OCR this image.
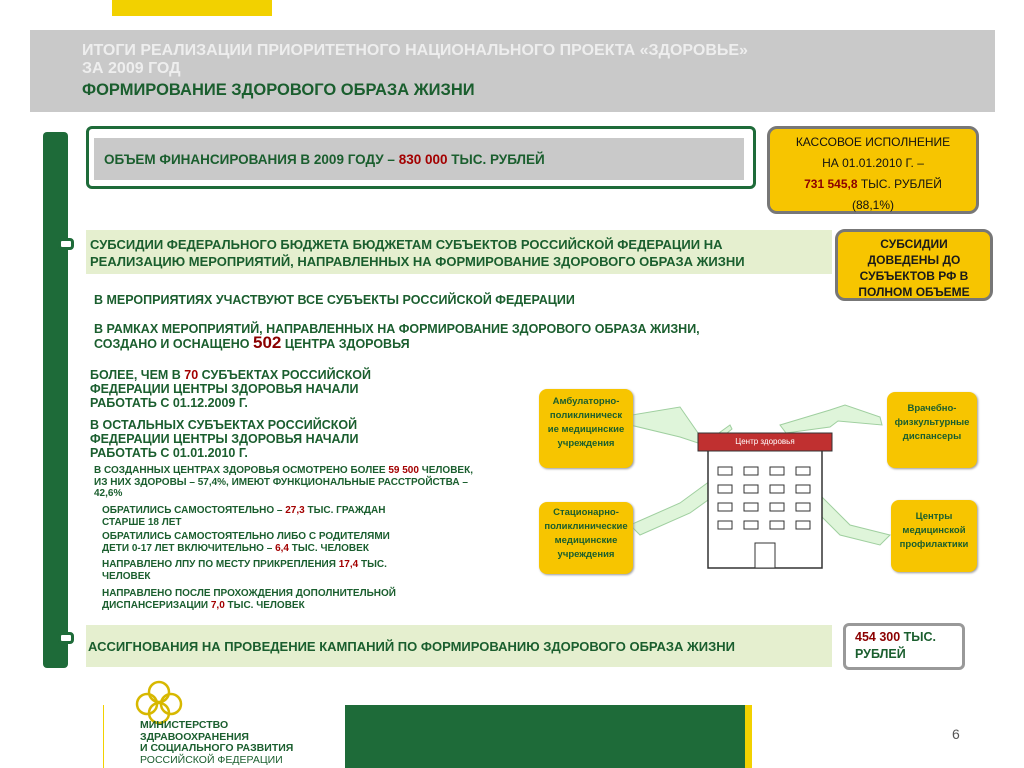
ИТОГИ РЕАЛИЗАЦИИ ПРИОРИТЕТНОГО НАЦИОНАЛЬНОГО ПРОЕКТА «ЗДОРОВЬЕ»
ЗА 2009 ГОД
ФОРМИРОВАНИЕ ЗДОРОВОГО ОБРАЗА ЖИЗНИ
ОБЪЕМ ФИНАНСИРОВАНИЯ В 2009 ГОДУ – 830 000 ТЫС. РУБЛЕЙ
КАССОВОЕ ИСПОЛНЕНИЕ
НА 01.01.2010 Г. –
731 545,8 ТЫС. РУБЛЕЙ
(88,1%)
СУБСИДИИ ФЕДЕРАЛЬНОГО БЮДЖЕТА БЮДЖЕТАМ СУБЪЕКТОВ РОССИЙСКОЙ ФЕДЕРАЦИИ НА РЕАЛИЗАЦИЮ МЕРОПРИЯТИЙ, НАПРАВЛЕННЫХ НА ФОРМИРОВАНИЕ ЗДОРОВОГО ОБРАЗА ЖИЗНИ
СУБСИДИИ ДОВЕДЕНЫ ДО СУБЪЕКТОВ РФ В ПОЛНОМ ОБЪЕМЕ
В МЕРОПРИЯТИЯХ УЧАСТВУЮТ ВСЕ СУБЪЕКТЫ РОССИЙСКОЙ ФЕДЕРАЦИИ
В РАМКАХ МЕРОПРИЯТИЙ, НАПРАВЛЕННЫХ НА ФОРМИРОВАНИЕ ЗДОРОВОГО ОБРАЗА ЖИЗНИ,
СОЗДАНО И ОСНАЩЕНО 502 ЦЕНТРА ЗДОРОВЬЯ
БОЛЕЕ, ЧЕМ В 70 СУБЪЕКТАХ РОССИЙСКОЙ
ФЕДЕРАЦИИ ЦЕНТРЫ ЗДОРОВЬЯ НАЧАЛИ
РАБОТАТЬ С 01.12.2009 Г.
В ОСТАЛЬНЫХ СУБЪЕКТАХ РОССИЙСКОЙ
ФЕДЕРАЦИИ ЦЕНТРЫ ЗДОРОВЬЯ НАЧАЛИ
РАБОТАТЬ С 01.01.2010 Г.
В СОЗДАННЫХ ЦЕНТРАХ ЗДОРОВЬЯ ОСМОТРЕНО БОЛЕЕ 59 500 ЧЕЛОВЕК,
ИЗ НИХ ЗДОРОВЫ – 57,4%, ИМЕЮТ ФУНКЦИОНАЛЬНЫЕ РАССТРОЙСТВА –
42,6%
ОБРАТИЛИСЬ САМОСТОЯТЕЛЬНО – 27,3 ТЫС. ГРАЖДАН
СТАРШЕ 18 ЛЕТ
ОБРАТИЛИСЬ САМОСТОЯТЕЛЬНО ЛИБО С РОДИТЕЛЯМИ
ДЕТИ 0-17 ЛЕТ ВКЛЮЧИТЕЛЬНО – 6,4 ТЫС. ЧЕЛОВЕК
НАПРАВЛЕНО ЛПУ ПО МЕСТУ ПРИКРЕПЛЕНИЯ 17,4 ТЫС.
ЧЕЛОВЕК
НАПРАВЛЕНО ПОСЛЕ ПРОХОЖДЕНИЯ ДОПОЛНИТЕЛЬНОЙ
ДИСПАНСЕРИЗАЦИИ 7,0 ТЫС. ЧЕЛОВЕК
Центр здоровья
Амбулаторно-
поликлиническ
ие медицинские
учреждения
Врачебно-
физкультурные
диспансеры
Стационарно-
поликлинические
медицинские
учреждения
Центры
медицинской
профилактики
АССИГНОВАНИЯ НА ПРОВЕДЕНИЕ КАМПАНИЙ ПО ФОРМИРОВАНИЮ ЗДОРОВОГО ОБРАЗА ЖИЗНИ
454 300 ТЫС.
РУБЛЕЙ
МИНИСТЕРСТВО
ЗДРАВООХРАНЕНИЯ
И СОЦИАЛЬНОГО РАЗВИТИЯ
РОССИЙСКОЙ ФЕДЕРАЦИИ
6
